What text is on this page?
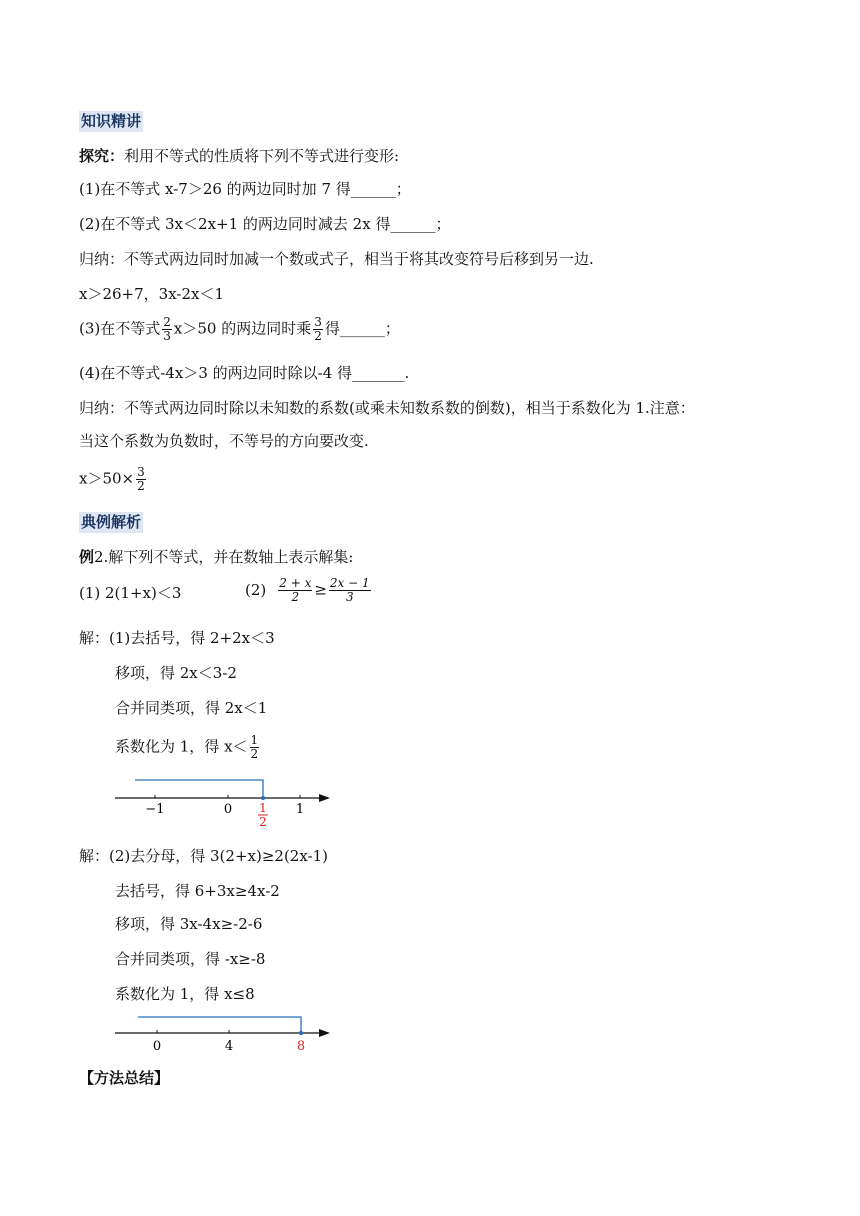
知识精讲
探究：利用不等式的性质将下列不等式进行变形:
(1)在不等式 x-7＞26 的两边同时加 7 得______；
(2)在不等式 3x＜2x+1 的两边同时减去 2x 得______；
归纳：不等式两边同时加减一个数或式子，相当于将其改变符号后移到另一边.
x＞26+7，3x-2x＜1
(3)在不等式 $\frac{2}{3} x>50$ 的两边同时乘 $\frac{3}{2}$ 得______；
(4)在不等式-4x＞3 的两边同时除以-4 得_______.
归纳：不等式两边同时除以未知数的系数(或乘未知数系数的倒数)，相当于系数化为 1.注意：
当这个系数为负数时，不等号的方向要改变.
$x>50\times \frac{3}{2}$
典例解析
例2.解下列不等式，并在数轴上表示解集:
(1) 2(1+x)＜3	$(2) \frac{2 + x}{2} \ge \frac{2x - 1}{3}$
解：(1)去括号，得 2+2x＜3
移项，得 2x＜3-2
合并同类项，得 2x＜1
系数化为 1，得 $x< \frac{1}{2}$
−1	0	1
1
2
解：(2)去分母，得 3(2+x)≥2(2x-1)
去括号，得 6+3x≥4x-2
移项，得 3x-4x≥-2-6
合并同类项，得 -x≥-8
系数化为 1，得 x≤8
0	4	8
【方法总结】
